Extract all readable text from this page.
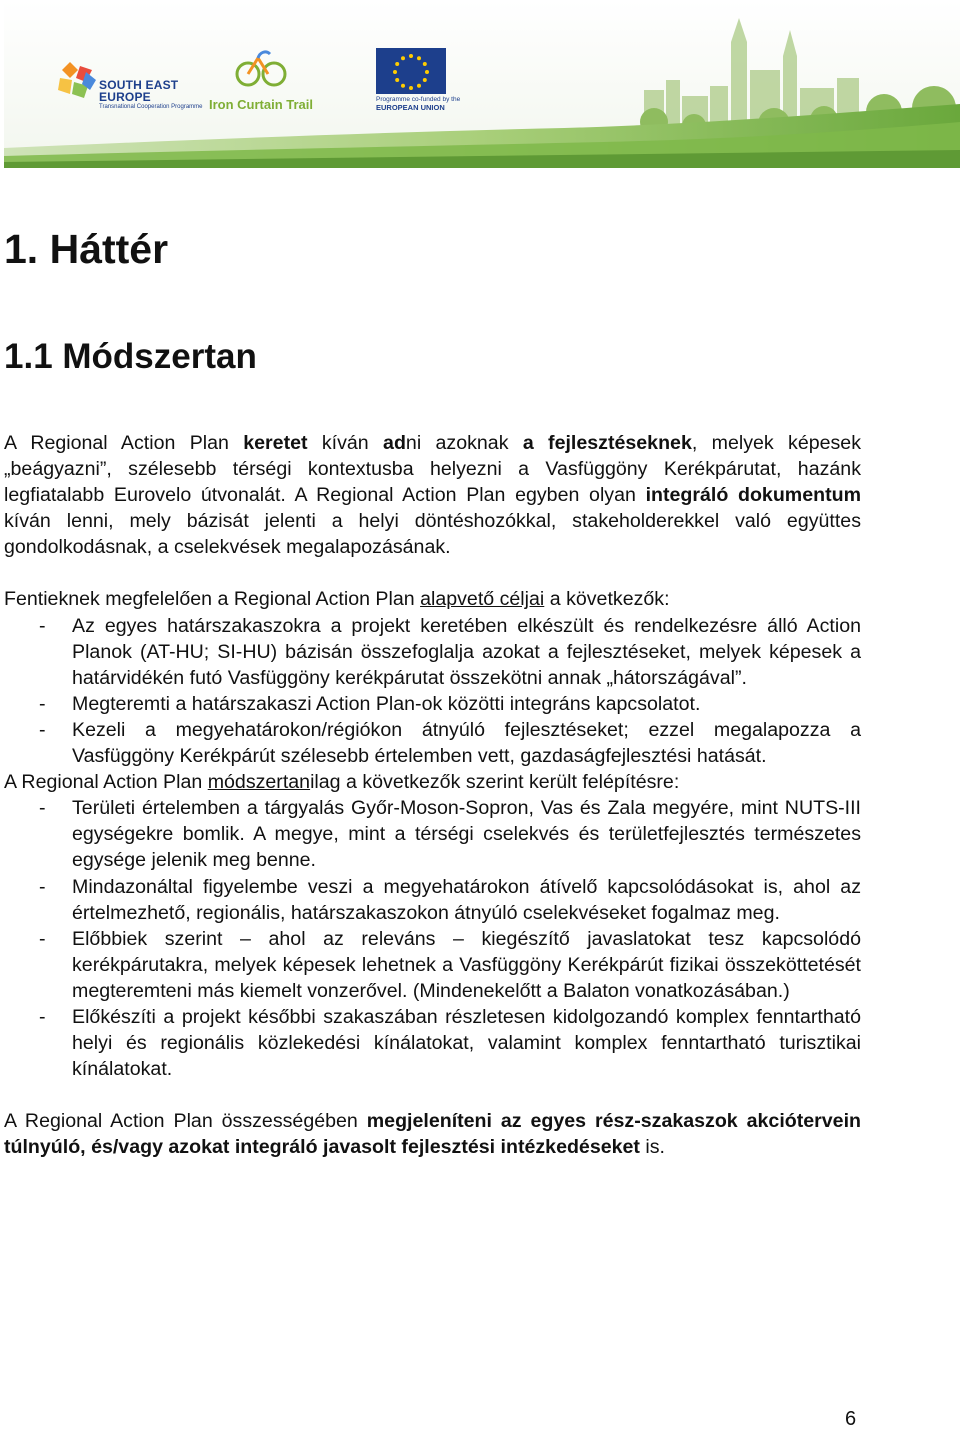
SOUTH EAST
EUROPE
Transnational Cooperation Programme Iron Curtain Trail	Programme co-funded by the
EUROPEAN UNION
1. Háttér
1.1 Módszertan

A Regional Action Plan keretet kíván adni azoknak a fejlesztéseknek, melyek képesek „beágyazni”, szélesebb térségi kontextusba helyezni a Vasfüggöny Kerékpárutat, hazánk legfiatalabb Eurovelo útvonalát. A Regional Action Plan egyben olyan integráló dokumentum kíván lenni, mely bázisát jelenti a helyi döntéshozókkal, stakeholderekkel való együttes gondolkodásnak, a cselekvések megalapozásának.

Fentieknek megfelelően a Regional Action Plan alapvető céljai a következők:

- Az egyes határszakaszokra a projekt keretében elkészült és rendelkezésre álló Action Planok (AT-HU; SI-HU) bázisán összefoglalja azokat a fejlesztéseket, melyek képesek a határvidékén futó Vasfüggöny kerékpárutat összekötni annak „hátországával”.
- Megteremti a határszakaszi Action Plan-ok közötti integráns kapcsolatot.
- Kezeli a megyehatárokon/régiókon átnyúló fejlesztéseket; ezzel megalapozza a Vasfüggöny Kerékpárút szélesebb értelemben vett, gazdaságfejlesztési hatását.

A Regional Action Plan módszertanilag a következők szerint került felépítésre:

- Területi értelemben a tárgyalás Győr-Moson-Sopron, Vas és Zala megyére, mint NUTS-III egységekre bomlik. A megye, mint a térségi cselekvés és területfejlesztés természetes egysége jelenik meg benne.
- Mindazonáltal figyelembe veszi a megyehatárokon átívelő kapcsolódásokat is, ahol az értelmezhető, regionális, határszakaszokon átnyúló cselekvéseket fogalmaz meg.
- Előbbiek szerint – ahol az releváns – kiegészítő javaslatokat tesz kapcsolódó kerékpárutakra, melyek képesek lehetnek a Vasfüggöny Kerékpárút fizikai összeköttetését megteremteni más kiemelt vonzerővel. (Mindenekelőtt a Balaton vonatkozásában.)
- Előkészíti a projekt későbbi szakaszában részletesen kidolgozandó komplex fenntartható helyi és regionális közlekedési kínálatokat, valamint komplex fenntartható turisztikai kínálatokat.

A Regional Action Plan összességében megjeleníteni az egyes rész-szakaszok akciótervein túlnyúló, és/vagy azokat integráló javasolt fejlesztési intézkedéseket is.

6
